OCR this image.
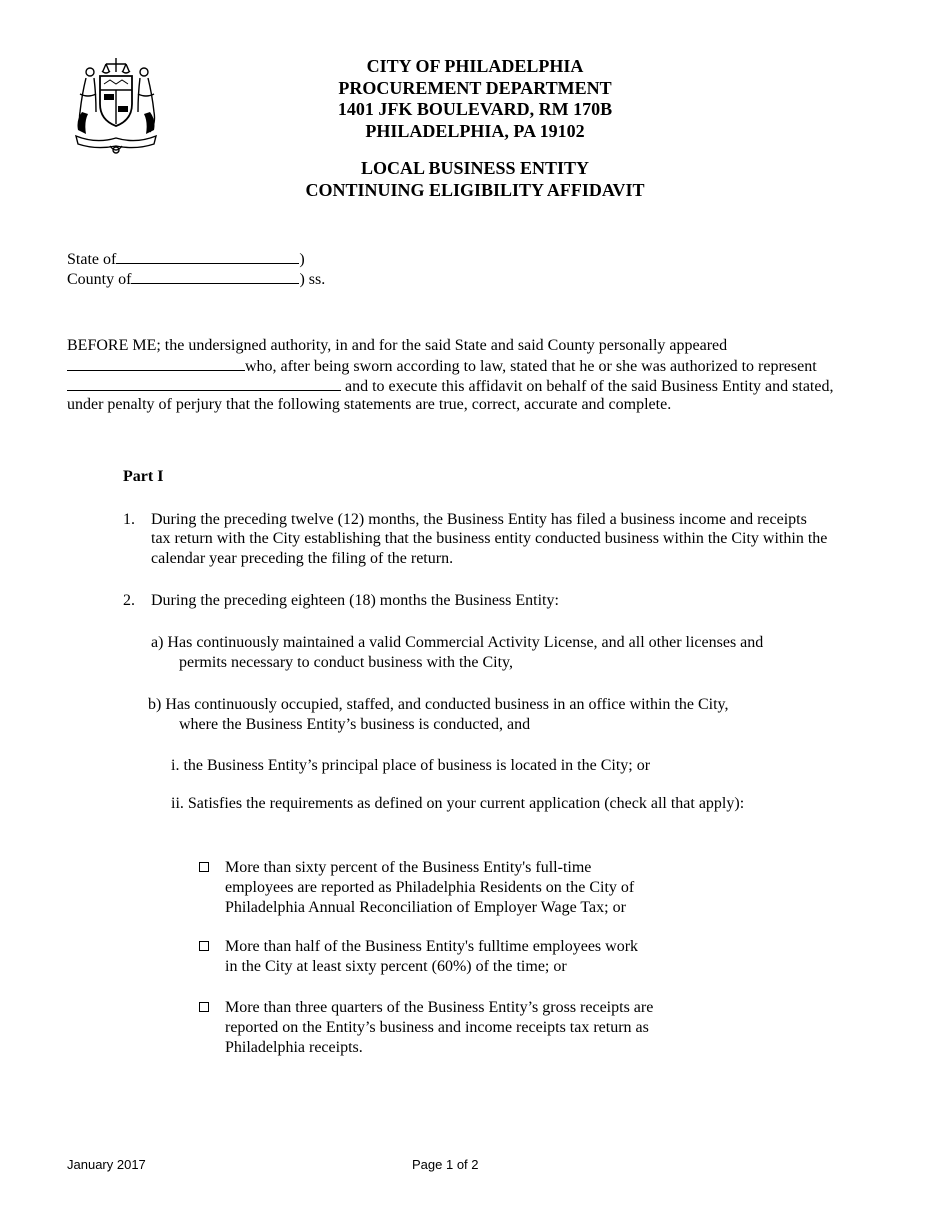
CITY OF PHILADELPHIA
PROCUREMENT DEPARTMENT
1401 JFK BOULEVARD, RM 170B
PHILADELPHIA, PA 19102
LOCAL BUSINESS ENTITY
CONTINUING ELIGIBILITY AFFIDAVIT

State of	)

County of	) ss.

BEFORE ME; the undersigned authority, in and for the said State and said County personally appeared

who, after being sworn according to law, stated that he or she was authorized to represent

and to execute this affidavit on behalf of the said Business Entity and stated,

under penalty of perjury that the following statements are true, correct, accurate and complete.

Part I

1. During the preceding twelve (12) months, the Business Entity has filed a business income and receipts

tax return with the City establishing that the business entity conducted business within the City within the

calendar year preceding the filing of the return.

2. During the preceding eighteen (18) months the Business Entity:

a) Has continuously maintained a valid Commercial Activity License, and all other licenses and

permits necessary to conduct business with the City,

b) Has continuously occupied, staffed, and conducted business in an office within the City,

where the Business Entity’s business is conducted, and

i. the Business Entity’s principal place of business is located in the City; or

ii. Satisfies the requirements as defined on your current application (check all that apply):

More than sixty percent of the Business Entity's full-time

employees are reported as Philadelphia Residents on the City of

Philadelphia Annual Reconciliation of Employer Wage Tax; or

More than half of the Business Entity's fulltime employees work

in the City at least sixty percent (60%) of the time; or

More than three quarters of the Business Entity’s gross receipts are

reported on the Entity’s business and income receipts tax return as

Philadelphia receipts.

January 2017	Page 1 of 2
